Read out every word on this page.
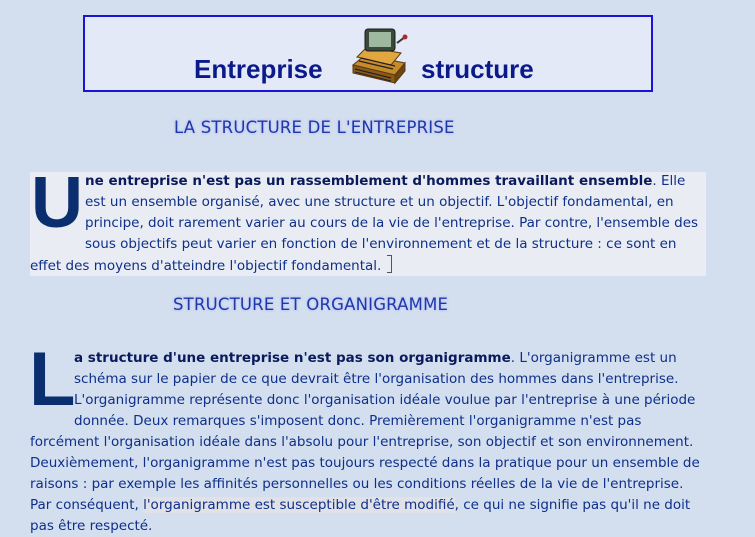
Entreprise	structure
LA STRUCTURE DE L'ENTREPRISE
U ne entreprise n'est pas un rassemblement d'hommes travaillant ensemble. Elle
est un ensemble organisé, avec une structure et un objectif. L'objectif fondamental, en
principe, doit rarement varier au cours de la vie de l'entreprise. Par contre, l'ensemble des
sous objectifs peut varier en fonction de l'environnement et de la structure : ce sont en
effet des moyens d'atteindre l'objectif fondamental.
STRUCTURE ET ORGANIGRAMME
L
a structure d'une entreprise n'est pas son organigramme. L'organigramme est un
schéma sur le papier de ce que devrait être l'organisation des hommes dans l'entreprise.
L'organigramme représente donc l'organisation idéale voulue par l'entreprise à une période
donnée. Deux remarques s'imposent donc. Premièrement l'organigramme n'est pas
forcément l'organisation idéale dans l'absolu pour l'entreprise, son objectif et son environnement.
Deuxièmement, l'organigramme n'est pas toujours respecté dans la pratique pour un ensemble de
raisons : par exemple les affinités personnelles ou les conditions réelles de la vie de l'entreprise.
Par conséquent, l'organigramme est susceptible d'être modifié, ce qui ne signifie pas qu'il ne doit
pas être respecté.
